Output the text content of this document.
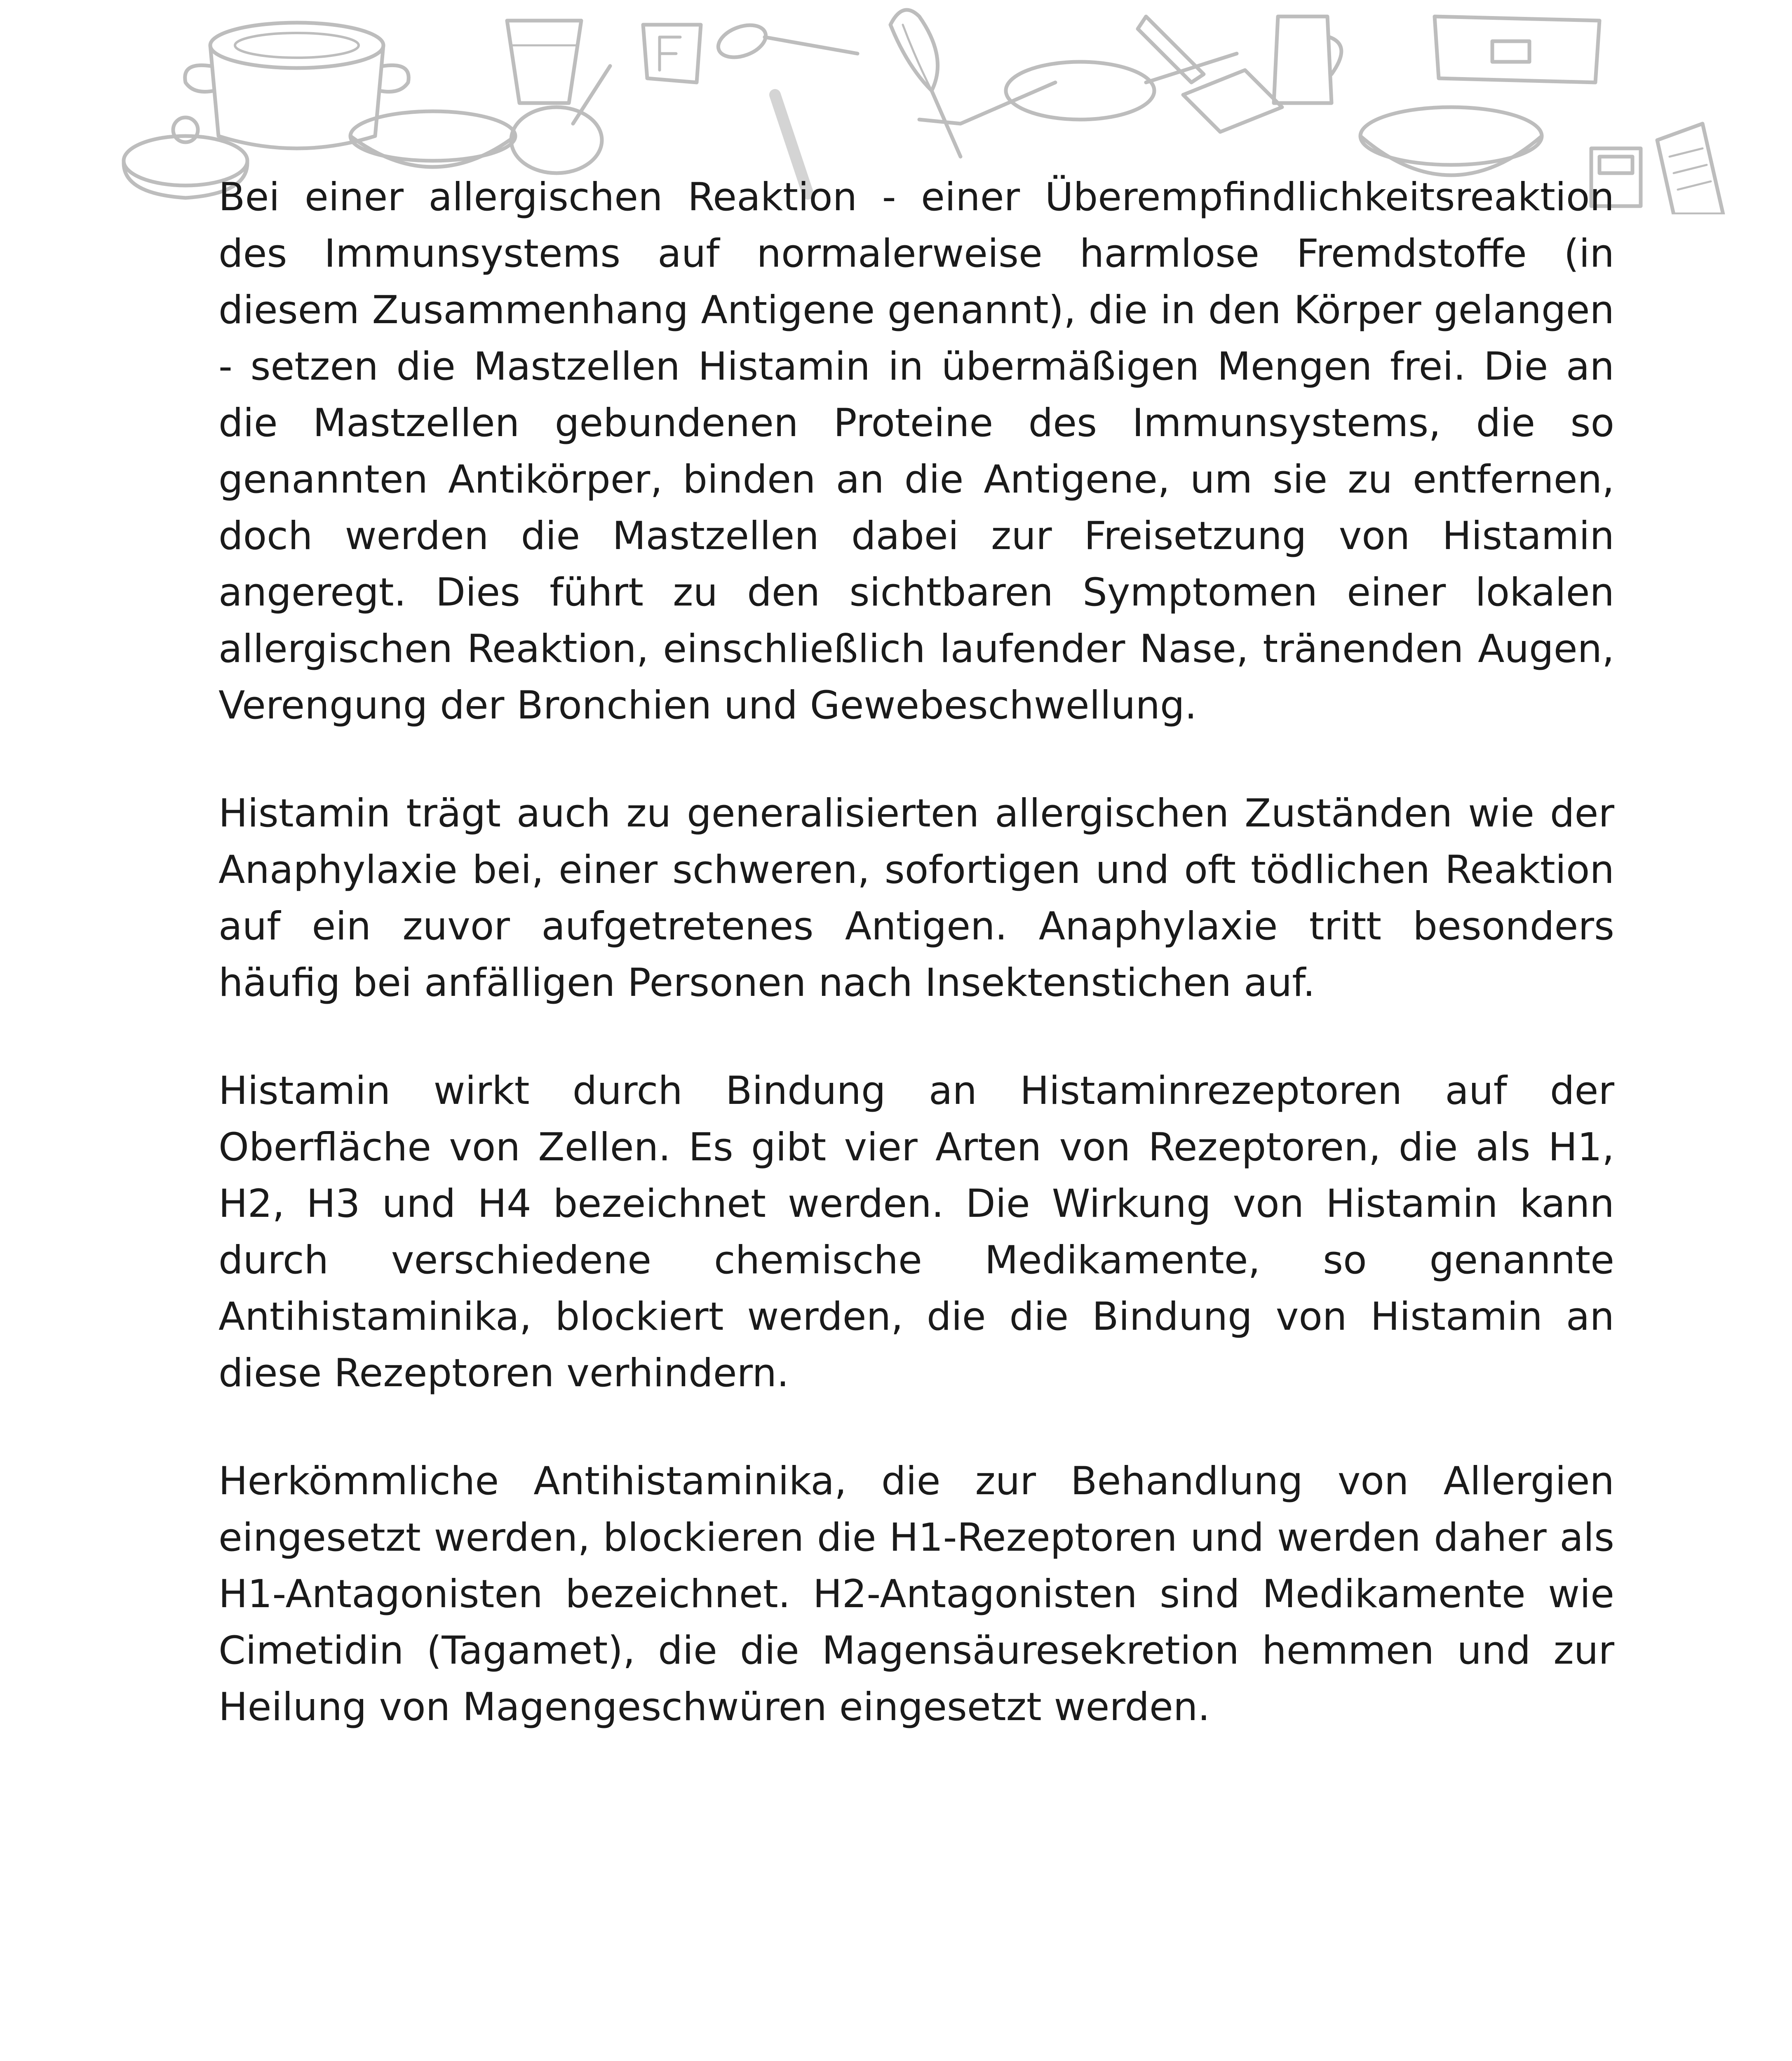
Bei einer allergischen Reaktion - einer Überempfindlichkeitsreaktion des Immunsystems auf normalerweise harmlose Fremdstoffe (in diesem Zusammenhang Antigene genannt), die in den Körper gelangen - setzen die Mastzellen Histamin in übermäßigen Mengen frei. Die an die Mastzellen gebundenen Proteine des Immunsystems, die so genannten Antikörper, binden an die Antigene, um sie zu entfernen, doch werden die Mastzellen dabei zur Freisetzung von Histamin angeregt. Dies führt zu den sichtbaren Symptomen einer lokalen allergischen Reaktion, einschließlich laufender Nase, tränenden Augen, Verengung der Bronchien und Gewebeschwellung.

Histamin trägt auch zu generalisierten allergischen Zuständen wie der Anaphylaxie bei, einer schweren, sofortigen und oft tödlichen Reaktion auf ein zuvor aufgetretenes Antigen. Anaphylaxie tritt besonders häufig bei anfälligen Personen nach Insektenstichen auf.

Histamin wirkt durch Bindung an Histaminrezeptoren auf der Oberfläche von Zellen. Es gibt vier Arten von Rezeptoren, die als H1, H2, H3 und H4 bezeichnet werden. Die Wirkung von Histamin kann durch verschiedene chemische Medikamente, so genannte Antihistaminika, blockiert werden, die die Bindung von Histamin an diese Rezeptoren verhindern.

Herkömmliche Antihistaminika, die zur Behandlung von Allergien eingesetzt werden, blockieren die H1-Rezeptoren und werden daher als H1-Antagonisten bezeichnet. H2-Antagonisten sind Medikamente wie Cimetidin (Tagamet), die die Magensäuresekretion hemmen und zur Heilung von Magengeschwüren eingesetzt werden.
